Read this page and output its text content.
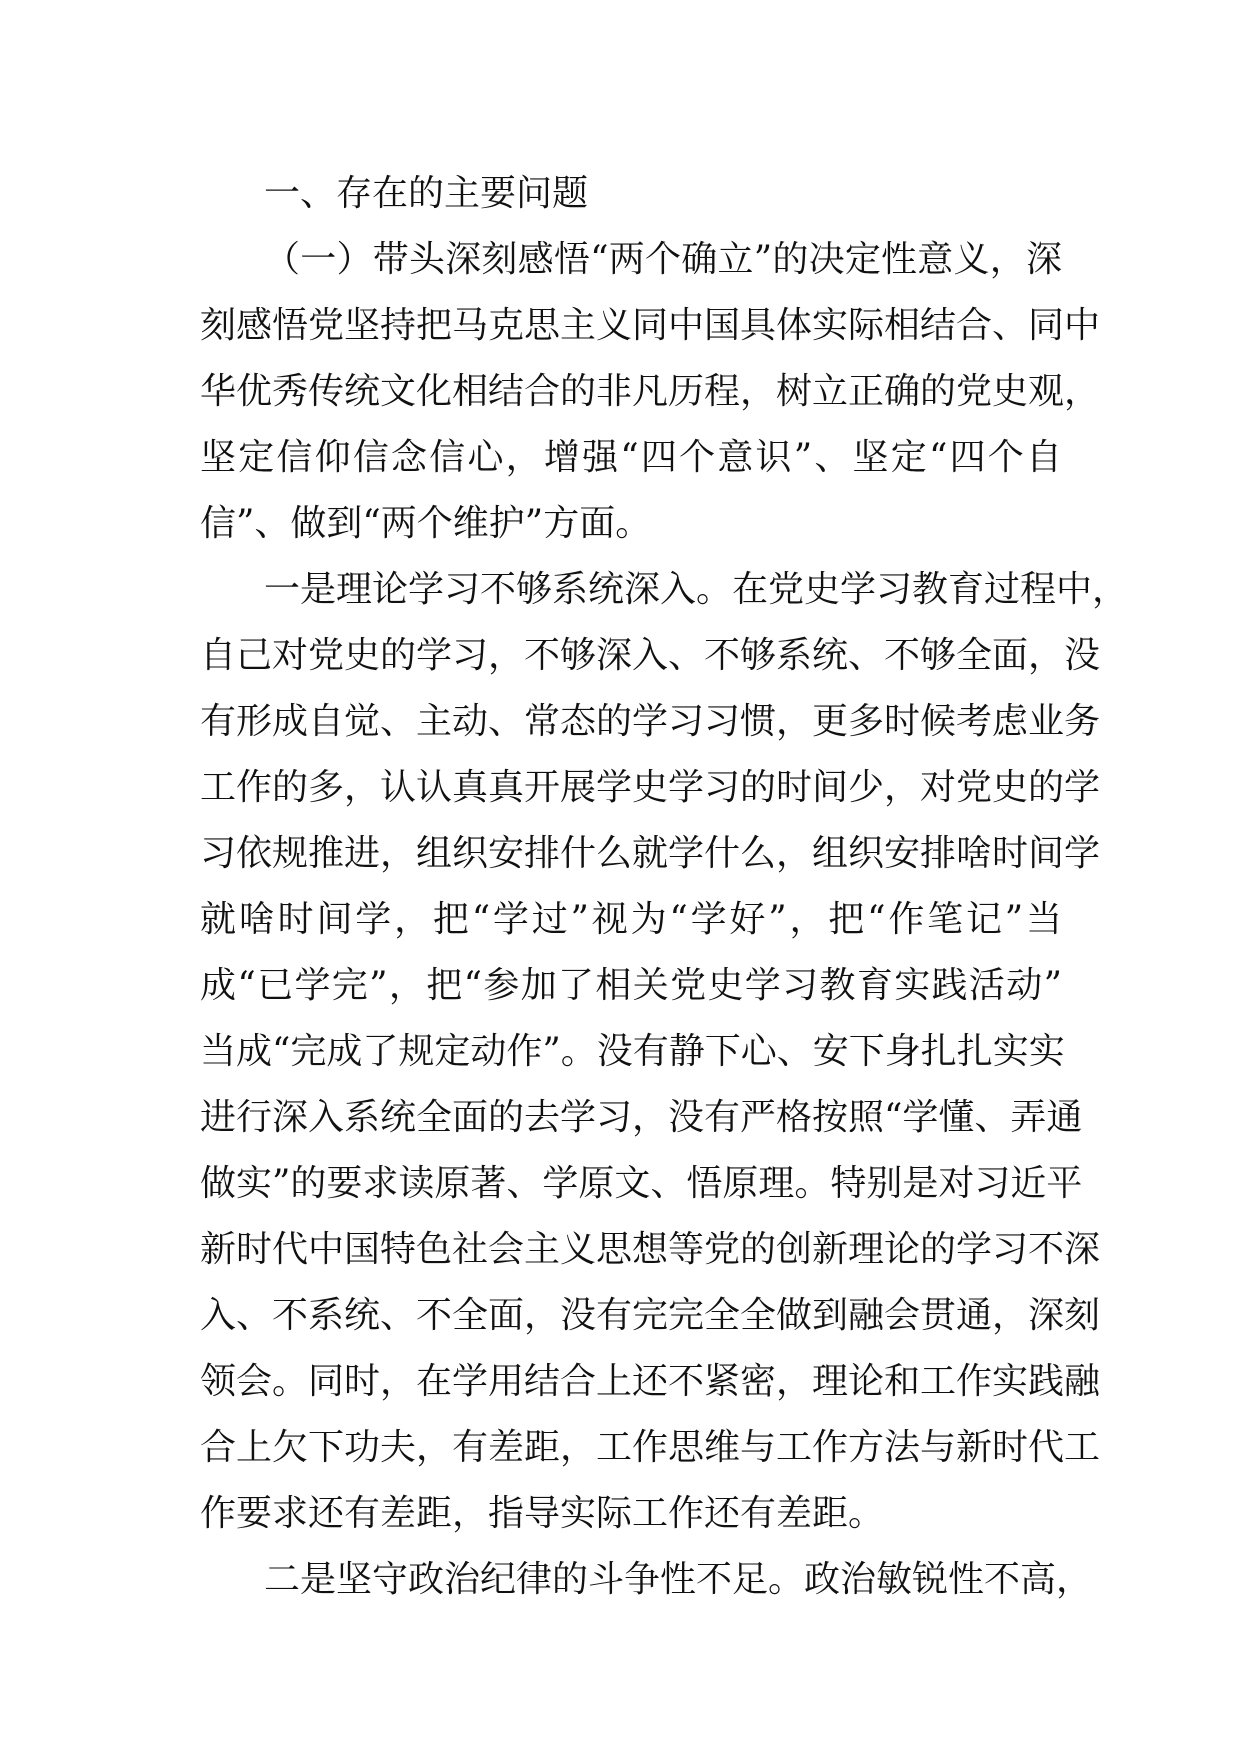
一、存在的主要问题
（一）带头深刻感悟“两个确立”的决定性意义，深
刻感悟党坚持把马克思主义同中国具体实际相结合、同中
华优秀传统文化相结合的非凡历程，树立正确的党史观，
坚定信仰信念信心，增强“四个意识”、坚定“四个自
信”、做到“两个维护”方面。
一是理论学习不够系统深入。在党史学习教育过程中，
自己对党史的学习，不够深入、不够系统、不够全面，没
有形成自觉、主动、常态的学习习惯，更多时候考虑业务
工作的多，认认真真开展学史学习的时间少，对党史的学
习依规推进，组织安排什么就学什么，组织安排啥时间学
就啥时间学，把“学过”视为“学好”，把“作笔记”当
成“已学完”，把“参加了相关党史学习教育实践活动”
当成“完成了规定动作”。没有静下心、安下身扎扎实实
进行深入系统全面的去学习，没有严格按照“学懂、弄通
做实”的要求读原著、学原文、悟原理。特别是对习近平
新时代中国特色社会主义思想等党的创新理论的学习不深
入、不系统、不全面，没有完完全全做到融会贯通，深刻
领会。同时，在学用结合上还不紧密，理论和工作实践融
合上欠下功夫，有差距，工作思维与工作方法与新时代工
作要求还有差距，指导实际工作还有差距。
二是坚守政治纪律的斗争性不足。政治敏锐性不高，
